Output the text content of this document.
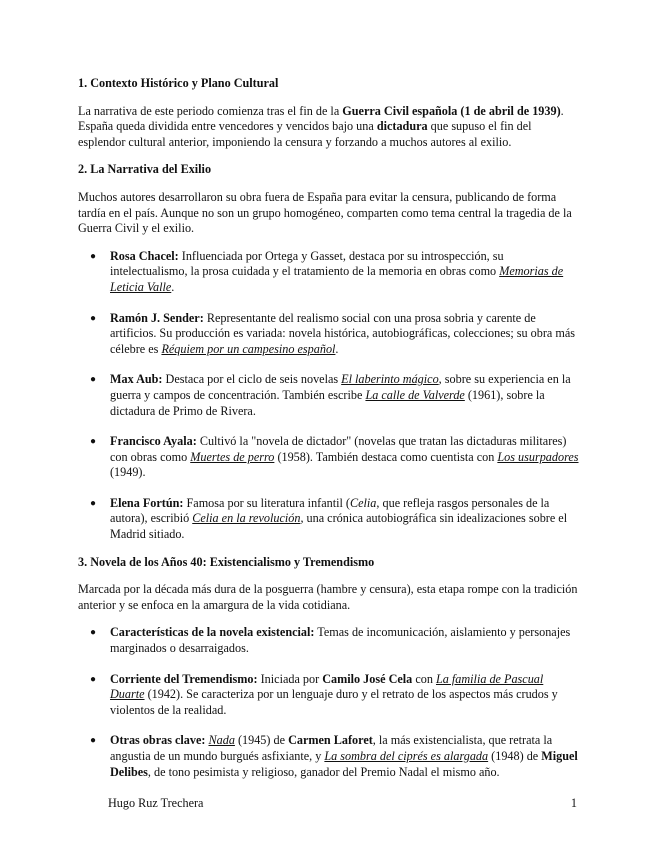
1. Contexto Histórico y Plano Cultural

La narrativa de este periodo comienza tras el fin de la Guerra Civil española (1 de abril de 1939). España queda dividida entre vencedores y vencidos bajo una dictadura que supuso el fin del esplendor cultural anterior, imponiendo la censura y forzando a muchos autores al exilio.

2. La Narrativa del Exilio

Muchos autores desarrollaron su obra fuera de España para evitar la censura, publicando de forma tardía en el país. Aunque no son un grupo homogéneo, comparten como tema central la tragedia de la Guerra Civil y el exilio.

● Rosa Chacel: Influenciada por Ortega y Gasset, destaca por su introspección, su intelectualismo, la prosa cuidada y el tratamiento de la memoria en obras como Memorias de Leticia Valle.
● Ramón J. Sender: Representante del realismo social con una prosa sobria y carente de artificios. Su producción es variada: novela histórica, autobiográficas, colecciones; su obra más célebre es Réquiem por un campesino español.
● Max Aub: Destaca por el ciclo de seis novelas El laberinto mágico, sobre su experiencia en la guerra y campos de concentración. También escribe La calle de Valverde (1961), sobre la dictadura de Primo de Rivera.
● Francisco Ayala: Cultivó la "novela de dictador" (novelas que tratan las dictaduras militares) con obras como Muertes de perro (1958). También destaca como cuentista con Los usurpadores (1949).
● Elena Fortún: Famosa por su literatura infantil (Celia, que refleja rasgos personales de la autora), escribió Celia en la revolución, una crónica autobiográfica sin idealizaciones sobre el Madrid sitiado.
3. Novela de los Años 40: Existencialismo y Tremendismo

Marcada por la década más dura de la posguerra (hambre y censura), esta etapa rompe con la tradición anterior y se enfoca en la amargura de la vida cotidiana.

● Características de la novela existencial: Temas de incomunicación, aislamiento y personajes marginados o desarraigados.
● Corriente del Tremendismo: Iniciada por Camilo José Cela con La familia de Pascual Duarte (1942). Se caracteriza por un lenguaje duro y el retrato de los aspectos más crudos y violentos de la realidad.
● Otras obras clave: Nada (1945) de Carmen Laforet, la más existencialista, que retrata la angustia de un mundo burgués asfixiante, y La sombra del ciprés es alargada (1948) de Miguel Delibes, de tono pesimista y religioso, ganador del Premio Nadal el mismo año.
Hugo Ruz Trechera	1
